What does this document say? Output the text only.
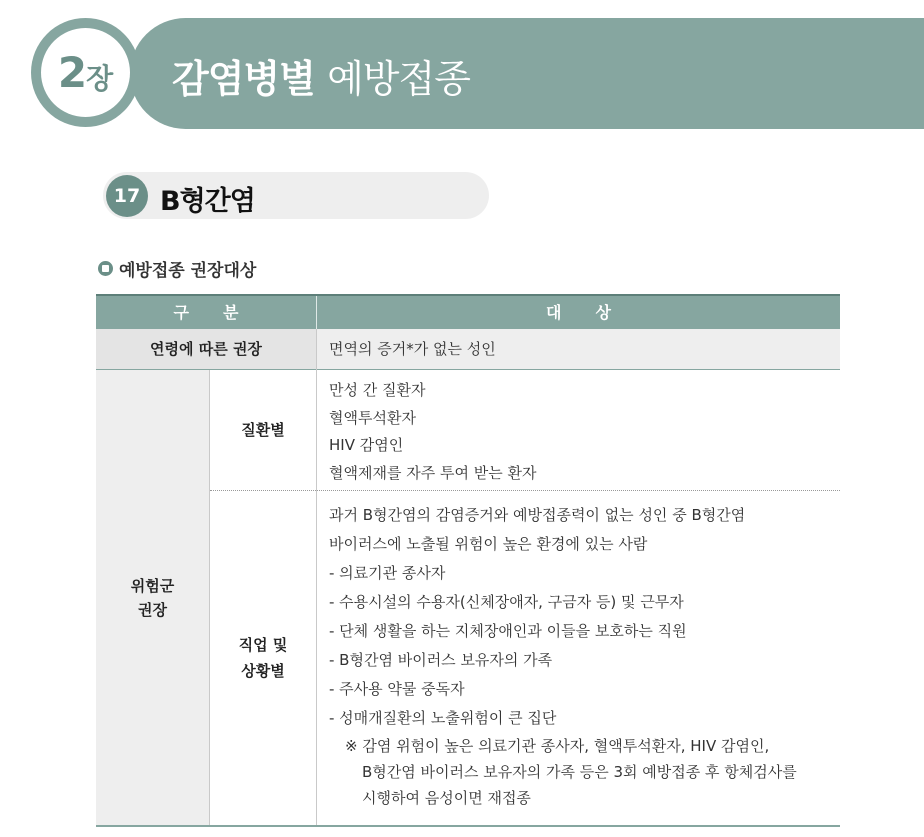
2 장 감염병별 예방접종
17 B형간염
예방접종 권장대상
구분	대상
연령에 따른 권장	면역의 증거*가 없는 성인
위험군
권장
질환별
만성 간 질환자
혈액투석환자
HIV 감염인
혈액제재를 자주 투여 받는 환자
직업 및
상황별
과거 B형간염의 감염증거와 예방접종력이 없는 성인 중 B형간염
바이러스에 노출될 위험이 높은 환경에 있는 사람
- 의료기관 종사자
- 수용시설의 수용자(신체장애자, 구금자 등) 및 근무자
- 단체 생활을 하는 지체장애인과 이들을 보호하는 직원
- B형간염 바이러스 보유자의 가족
- 주사용 약물 중독자
- 성매개질환의 노출위험이 큰 집단
※ 감염 위험이 높은 의료기관 종사자, 혈액투석환자, HIV 감염인,
B형간염 바이러스 보유자의 가족 등은 3회 예방접종 후 항체검사를
시행하여 음성이면 재접종
